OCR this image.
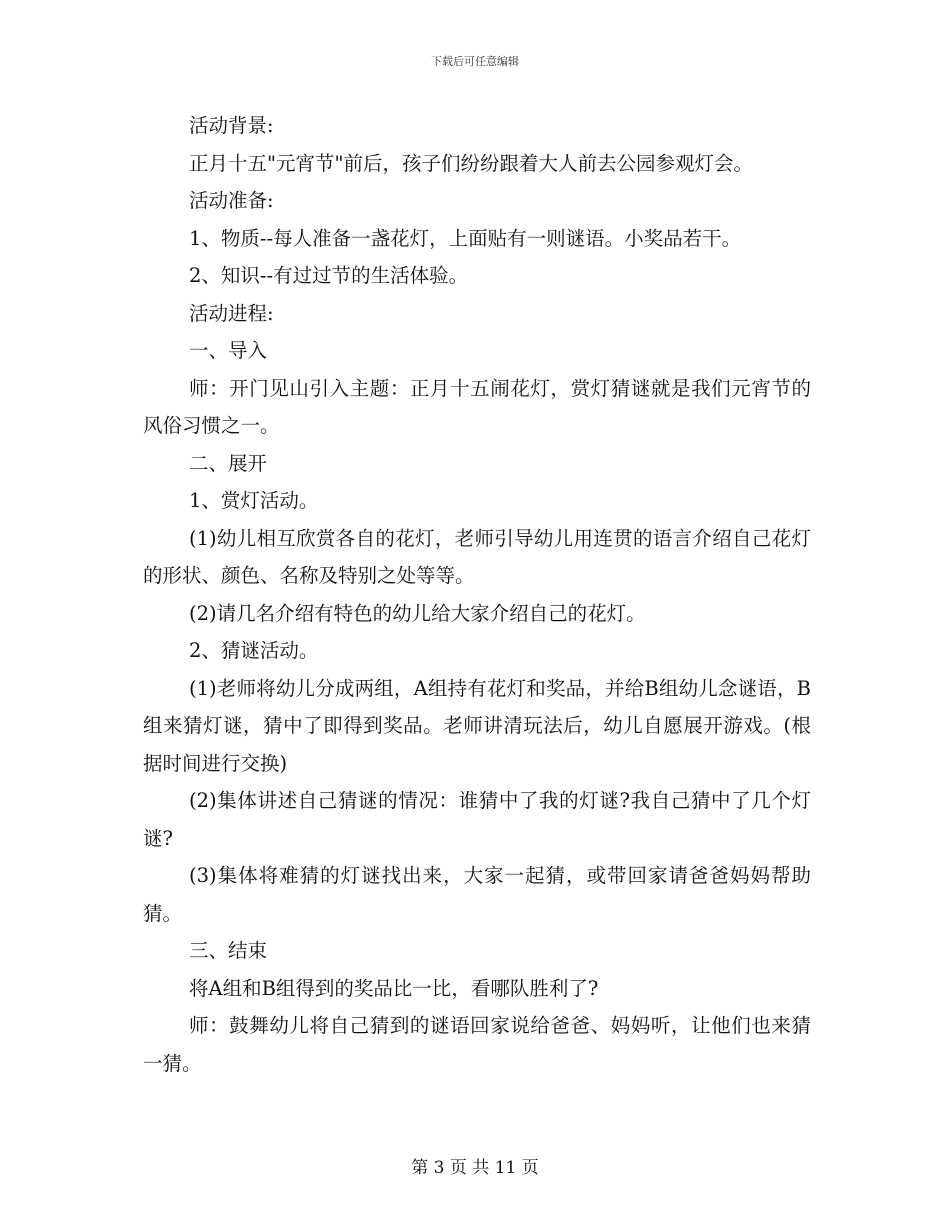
下载后可任意编辑

活动背景:

正月十五"元宵节"前后，孩子们纷纷跟着大人前去公园参观灯会。

活动准备:

1、物质--每人准备一盏花灯，上面贴有一则谜语。小奖品若干。

2、知识--有过过节的生活体验。

活动进程:

一、导入

师：开门见山引入主题：正月十五闹花灯，赏灯猜谜就是我们元宵节的风俗习惯之一。

二、展开

1、赏灯活动。

(1)幼儿相互欣赏各自的花灯，老师引导幼儿用连贯的语言介绍自己花灯的形状、颜色、名称及特别之处等等。

(2)请几名介绍有特色的幼儿给大家介绍自己的花灯。

2、猜谜活动。

(1)老师将幼儿分成两组，A组持有花灯和奖品，并给B组幼儿念谜语，B组来猜灯谜，猜中了即得到奖品。老师讲清玩法后，幼儿自愿展开游戏。(根据时间进行交换)

(2)集体讲述自己猜谜的情况：谁猜中了我的灯谜?我自己猜中了几个灯谜?

(3)集体将难猜的灯谜找出来，大家一起猜，或带回家请爸爸妈妈帮助猜。

三、结束

将A组和B组得到的奖品比一比，看哪队胜利了?

师：鼓舞幼儿将自己猜到的谜语回家说给爸爸、妈妈听，让他们也来猜一猜。

第 3 页 共 11 页
